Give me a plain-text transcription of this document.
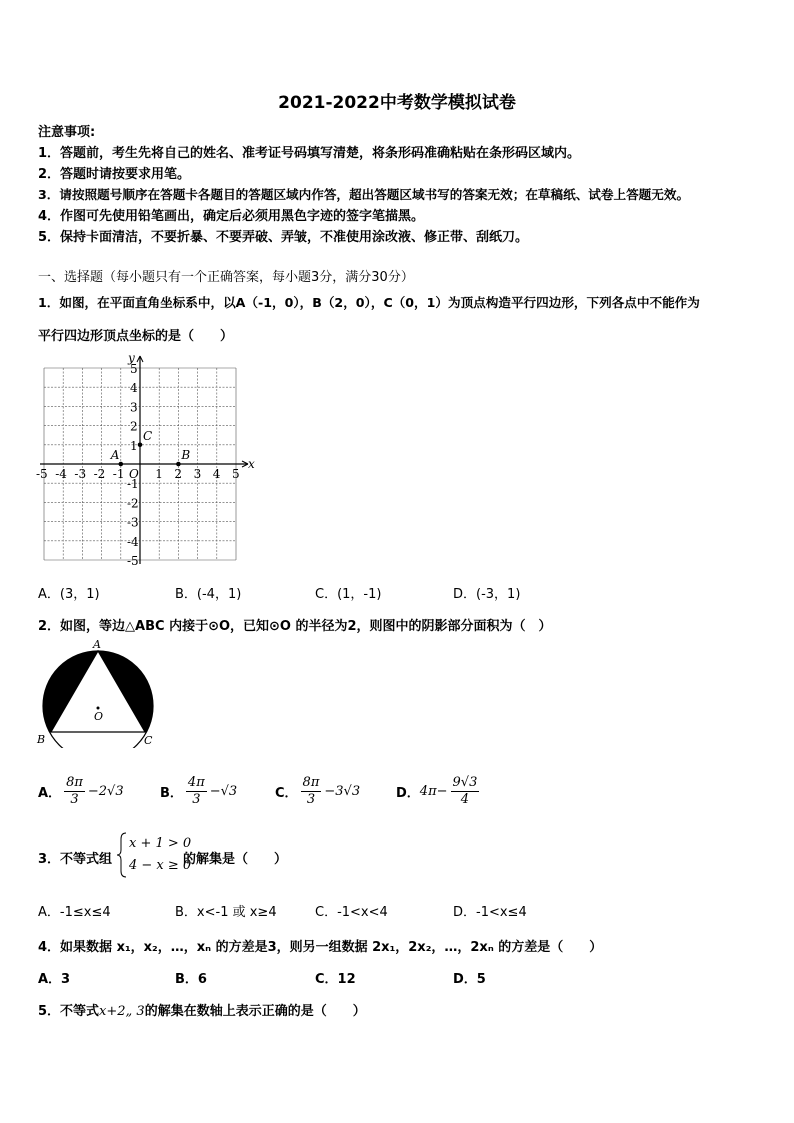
2021-2022中考数学模拟试卷
注意事项:
1．答题前，考生先将自己的姓名、准考证号码填写清楚，将条形码准确粘贴在条形码区域内。
2．答题时请按要求用笔。
3．请按照题号顺序在答题卡各题目的答题区域内作答，超出答题区域书写的答案无效；在草稿纸、试卷上答题无效。
4．作图可先使用铅笔画出，确定后必须用黑色字迹的签字笔描黑。
5．保持卡面清洁，不要折暴、不要弄破、弄皱，不准使用涂改液、修正带、刮纸刀。
一、选择题（每小题只有一个正确答案，每小题3分，满分30分）
1．如图，在平面直角坐标系中，以A（-1，0），B（2，0），C（0，1）为顶点构造平行四边形，下列各点中不能作为
平行四边形顶点坐标的是（　　）
x
y
O
-5 -4 -3 -2 -1	1 2 3 4 5
5
4
3
2
1
-1
-2
-3
-4
-5
A	B
C
A．(3，1)	B．(-4，1)	C．(1，-1)	D．(-3，1)
2．如图，等边△ABC 内接于⊙O，已知⊙O 的半径为2，则图中的阴影部分面积为（　）
A
B	C
O
A． $\frac{8\pi}{3} -2√3$	B． $\frac{4\pi}{3} -√3$	C． $\frac{8\pi}{3} -3√3$	D． $4\pi- \frac{9√3}{4}$
3．不等式组
x + 1 > 0
4 − x ≥ 0
的解集是（　　）
A．-1≤x≤4	B．x<-1 或 x≥4	C．-1<x<4	D．-1<x≤4
4．如果数据 x₁，x₂，…，xₙ 的方差是3，则另一组数据 2x₁，2x₂，…，2xₙ 的方差是（　　）
A．3	B．6	C．12	D．5
5．不等式x+2„ 3的解集在数轴上表示正确的是（　　）
